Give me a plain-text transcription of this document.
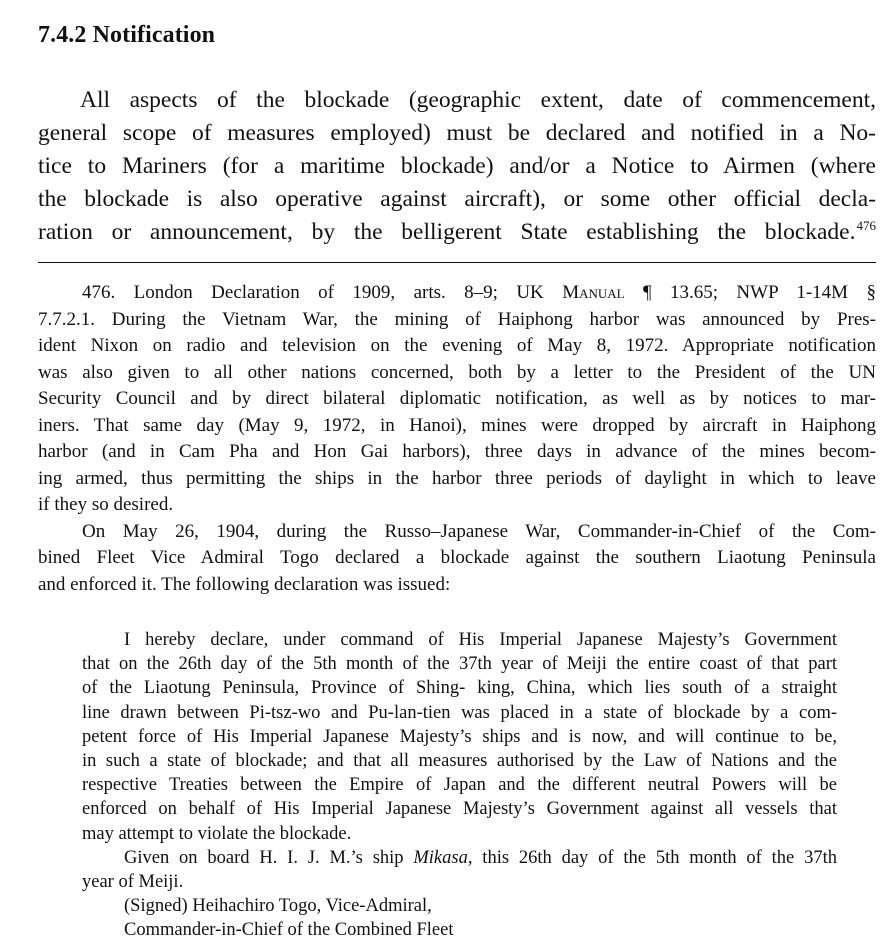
7.4.2 Notification

All aspects of the blockade (geographic extent, date of commencement,
general scope of measures employed) must be declared and notified in a No-
tice to Mariners (for a maritime blockade) and/or a Notice to Airmen (where
the blockade is also operative against aircraft), or some other official decla-
ration or announcement, by the belligerent State establishing the blockade.$^{476}$

476. London Declaration of 1909, arts. 8–9; UK Manual ¶ 13.65; NWP 1-14M §
7.7.2.1. During the Vietnam War, the mining of Haiphong harbor was announced by Pres-
ident Nixon on radio and television on the evening of May 8, 1972. Appropriate notification
was also given to all other nations concerned, both by a letter to the President of the UN
Security Council and by direct bilateral diplomatic notification, as well as by notices to mar-
iners. That same day (May 9, 1972, in Hanoi), mines were dropped by aircraft in Haiphong
harbor (and in Cam Pha and Hon Gai harbors), three days in advance of the mines becom-
ing armed, thus permitting the ships in the harbor three periods of daylight in which to leave
if they so desired.
On May 26, 1904, during the Russo–Japanese War, Commander-in-Chief of the Com-
bined Fleet Vice Admiral Togo declared a blockade against the southern Liaotung Peninsula
and enforced it. The following declaration was issued:
I hereby declare, under command of His Imperial Japanese Majesty’s Government
that on the 26th day of the 5th month of the 37th year of Meiji the entire coast of that part
of the Liaotung Peninsula, Province of Shing- king, China, which lies south of a straight
line drawn between Pi-tsz-wo and Pu-lan-tien was placed in a state of blockade by a com-
petent force of His Imperial Japanese Majesty’s ships and is now, and will continue to be,
in such a state of blockade; and that all measures authorised by the Law of Nations and the
respective Treaties between the Empire of Japan and the different neutral Powers will be
enforced on behalf of His Imperial Japanese Majesty’s Government against all vessels that
may attempt to violate the blockade.
Given on board H. I. J. M.’s ship Mikasa, this 26th day of the 5th month of the 37th
year of Meiji.
(Signed) Heihachiro Togo, Vice-Admiral,
Commander-in-Chief of the Combined Fleet
